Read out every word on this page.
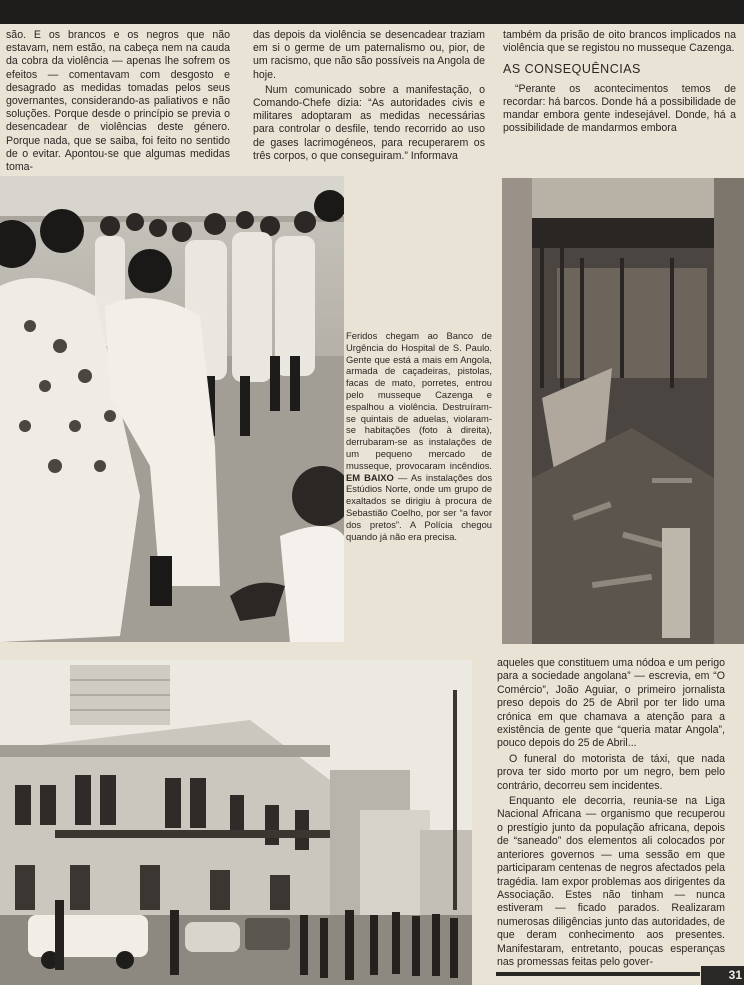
são. E os brancos e os negros que não estavam, nem estão, na cabeça nem na cauda da cobra da violência — apenas lhe sofrem os efeitos — comentavam com desgosto e desagrado as medidas tomadas pelos seus governantes, considerando-as paliativos e não soluções. Porque desde o princípio se previa o desencadear de violências deste género. Porque nada, que se saiba, foi feito no sentido de o evitar. Apontou-se que algumas medidas toma-

das depois da violência se desencadear traziam em si o germe de um paternalismo ou, pior, de um racismo, que não são possíveis na Angola de hoje.

Num comunicado sobre a manifestação, o Comando-Chefe dizia: “As autoridades civis e militares adoptaram as medidas necessárias para controlar o desfile, tendo recorrido ao uso de gases lacrimogéneos, para recuperarem os três corpos, o que conseguiram.” Informava

também da prisão de oito brancos implicados na violência que se registou no musseque Cazenga.

AS CONSEQUÊNCIAS

“Perante os acontecimentos temos de recordar: há barcos. Donde há a possibilidade de mandar embora gente indesejável. Donde, há a possibilidade de mandarmos embora

Feridos chegam ao Banco de Urgência do Hospital de S. Paulo. Gente que está a mais em Angola, armada de caçadeiras, pistolas, facas de mato, porretes, entrou pelo musseque Cazenga e espalhou a violência. Destruíram-se quintais de aduelas, violaram-se habitações (foto à direita), derrubaram-se as instalações de um pequeno mercado de musseque, provocaram incêndios. EM BAIXO — As instalações dos Estúdios Norte, onde um grupo de exaltados se dirigiu à procura de Sebastião Coelho, por ser “a favor dos pretos”. A Polícia chegou quando já não era precisa.

aqueles que constituem uma nódoa e um perigo para a sociedade angolana” — escrevia, em “O Comércio”, João Aguiar, o primeiro jornalista preso depois do 25 de Abril por ter lido uma crónica em que chamava a atenção para a existência de gente que “queria matar Angola”, pouco depois do 25 de Abril...

O funeral do motorista de táxi, que nada prova ter sido morto por um negro, bem pelo contrário, decorreu sem incidentes.

Enquanto ele decorria, reunia-se na Liga Nacional Africana — organismo que recuperou o prestígio junto da população africana, depois de “saneado” dos elementos ali colocados por anteriores governos — uma sessão em que participaram centenas de negros afectados pela tragédia. Iam expor problemas aos dirigentes da Associação. Estes não tinham — nunca estiveram — ficado parados. Realizaram numerosas diligências junto das autoridades, de que deram conhecimento aos presentes. Manifestaram, entretanto, poucas esperanças nas promessas feitas pelo gover-

31
